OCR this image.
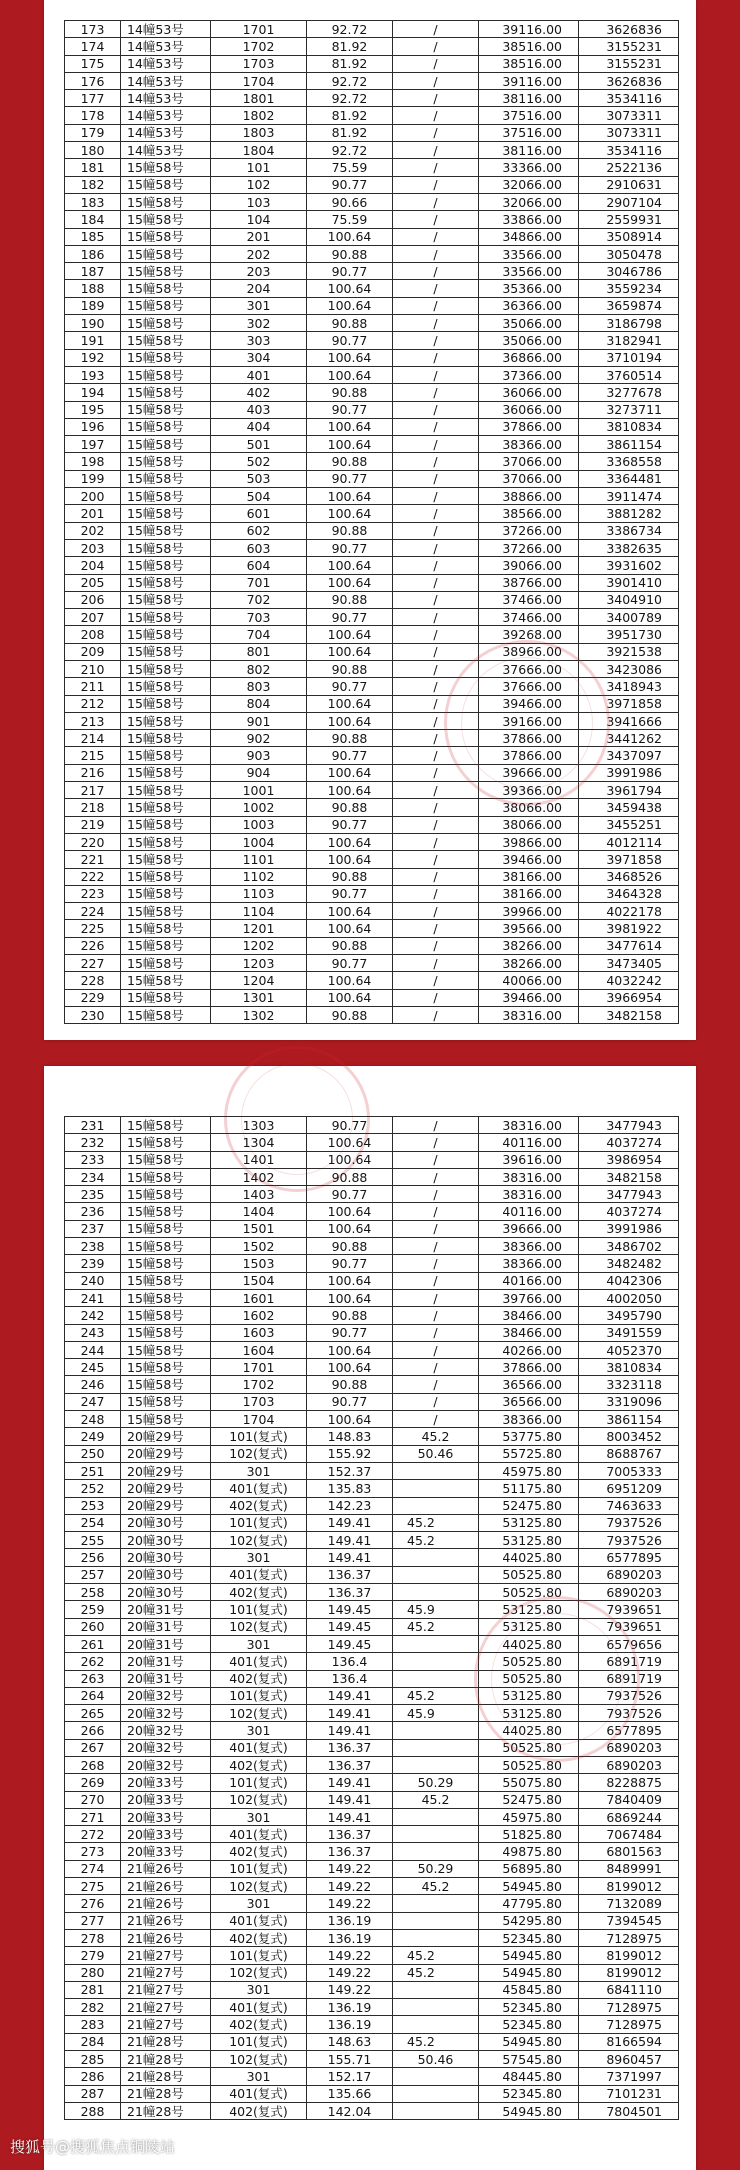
173	14幢53号	1701	92.72	/	39116.00	3626836
174	14幢53号	1702	81.92	/	38516.00	3155231
175	14幢53号	1703	81.92	/	38516.00	3155231
176	14幢53号	1704	92.72	/	39116.00	3626836
177	14幢53号	1801	92.72	/	38116.00	3534116
178	14幢53号	1802	81.92	/	37516.00	3073311
179	14幢53号	1803	81.92	/	37516.00	3073311
180	14幢53号	1804	92.72	/	38116.00	3534116
181	15幢58号	101	75.59	/	33366.00	2522136
182	15幢58号	102	90.77	/	32066.00	2910631
183	15幢58号	103	90.66	/	32066.00	2907104
184	15幢58号	104	75.59	/	33866.00	2559931
185	15幢58号	201	100.64	/	34866.00	3508914
186	15幢58号	202	90.88	/	33566.00	3050478
187	15幢58号	203	90.77	/	33566.00	3046786
188	15幢58号	204	100.64	/	35366.00	3559234
189	15幢58号	301	100.64	/	36366.00	3659874
190	15幢58号	302	90.88	/	35066.00	3186798
191	15幢58号	303	90.77	/	35066.00	3182941
192	15幢58号	304	100.64	/	36866.00	3710194
193	15幢58号	401	100.64	/	37366.00	3760514
194	15幢58号	402	90.88	/	36066.00	3277678
195	15幢58号	403	90.77	/	36066.00	3273711
196	15幢58号	404	100.64	/	37866.00	3810834
197	15幢58号	501	100.64	/	38366.00	3861154
198	15幢58号	502	90.88	/	37066.00	3368558
199	15幢58号	503	90.77	/	37066.00	3364481
200	15幢58号	504	100.64	/	38866.00	3911474
201	15幢58号	601	100.64	/	38566.00	3881282
202	15幢58号	602	90.88	/	37266.00	3386734
203	15幢58号	603	90.77	/	37266.00	3382635
204	15幢58号	604	100.64	/	39066.00	3931602
205	15幢58号	701	100.64	/	38766.00	3901410
206	15幢58号	702	90.88	/	37466.00	3404910
207	15幢58号	703	90.77	/	37466.00	3400789
208	15幢58号	704	100.64	/	39268.00	3951730
209	15幢58号	801	100.64	/	38966.00	3921538
210	15幢58号	802	90.88	/	37666.00	3423086
211	15幢58号	803	90.77	/	37666.00	3418943
212	15幢58号	804	100.64	/	39466.00	3971858
213	15幢58号	901	100.64	/	39166.00	3941666
214	15幢58号	902	90.88	/	37866.00	3441262
215	15幢58号	903	90.77	/	37866.00	3437097
216	15幢58号	904	100.64	/	39666.00	3991986
217	15幢58号	1001	100.64	/	39366.00	3961794
218	15幢58号	1002	90.88	/	38066.00	3459438
219	15幢58号	1003	90.77	/	38066.00	3455251
220	15幢58号	1004	100.64	/	39866.00	4012114
221	15幢58号	1101	100.64	/	39466.00	3971858
222	15幢58号	1102	90.88	/	38166.00	3468526
223	15幢58号	1103	90.77	/	38166.00	3464328
224	15幢58号	1104	100.64	/	39966.00	4022178
225	15幢58号	1201	100.64	/	39566.00	3981922
226	15幢58号	1202	90.88	/	38266.00	3477614
227	15幢58号	1203	90.77	/	38266.00	3473405
228	15幢58号	1204	100.64	/	40066.00	4032242
229	15幢58号	1301	100.64	/	39466.00	3966954
230	15幢58号	1302	90.88	/	38316.00	3482158
231	15幢58号	1303	90.77	/	38316.00	3477943
232	15幢58号	1304	100.64	/	40116.00	4037274
233	15幢58号	1401	100.64	/	39616.00	3986954
234	15幢58号	1402	90.88	/	38316.00	3482158
235	15幢58号	1403	90.77	/	38316.00	3477943
236	15幢58号	1404	100.64	/	40116.00	4037274
237	15幢58号	1501	100.64	/	39666.00	3991986
238	15幢58号	1502	90.88	/	38366.00	3486702
239	15幢58号	1503	90.77	/	38366.00	3482482
240	15幢58号	1504	100.64	/	40166.00	4042306
241	15幢58号	1601	100.64	/	39766.00	4002050
242	15幢58号	1602	90.88	/	38466.00	3495790
243	15幢58号	1603	90.77	/	38466.00	3491559
244	15幢58号	1604	100.64	/	40266.00	4052370
245	15幢58号	1701	100.64	/	37866.00	3810834
246	15幢58号	1702	90.88	/	36566.00	3323118
247	15幢58号	1703	90.77	/	36566.00	3319096
248	15幢58号	1704	100.64	/	38366.00	3861154
249	20幢29号	101(复式)	148.83	45.2	53775.80	8003452
250	20幢29号	102(复式)	155.92	50.46	55725.80	8688767
251	20幢29号	301	152.37		45975.80	7005333
252	20幢29号	401(复式)	135.83		51175.80	6951209
253	20幢29号	402(复式)	142.23		52475.80	7463633
254	20幢30号	101(复式)	149.41	45.2	53125.80	7937526
255	20幢30号	102(复式)	149.41	45.2	53125.80	7937526
256	20幢30号	301	149.41		44025.80	6577895
257	20幢30号	401(复式)	136.37		50525.80	6890203
258	20幢30号	402(复式)	136.37		50525.80	6890203
259	20幢31号	101(复式)	149.45	45.9	53125.80	7939651
260	20幢31号	102(复式)	149.45	45.2	53125.80	7939651
261	20幢31号	301	149.45		44025.80	6579656
262	20幢31号	401(复式)	136.4		50525.80	6891719
263	20幢31号	402(复式)	136.4		50525.80	6891719
264	20幢32号	101(复式)	149.41	45.2	53125.80	7937526
265	20幢32号	102(复式)	149.41	45.9	53125.80	7937526
266	20幢32号	301	149.41		44025.80	6577895
267	20幢32号	401(复式)	136.37		50525.80	6890203
268	20幢32号	402(复式)	136.37		50525.80	6890203
269	20幢33号	101(复式)	149.41	50.29	55075.80	8228875
270	20幢33号	102(复式)	149.41	45.2	52475.80	7840409
271	20幢33号	301	149.41		45975.80	6869244
272	20幢33号	401(复式)	136.37		51825.80	7067484
273	20幢33号	402(复式)	136.37		49875.80	6801563
274	21幢26号	101(复式)	149.22	50.29	56895.80	8489991
275	21幢26号	102(复式)	149.22	45.2	54945.80	8199012
276	21幢26号	301	149.22		47795.80	7132089
277	21幢26号	401(复式)	136.19		54295.80	7394545
278	21幢26号	402(复式)	136.19		52345.80	7128975
279	21幢27号	101(复式)	149.22	45.2	54945.80	8199012
280	21幢27号	102(复式)	149.22	45.2	54945.80	8199012
281	21幢27号	301	149.22		45845.80	6841110
282	21幢27号	401(复式)	136.19		52345.80	7128975
283	21幢27号	402(复式)	136.19		52345.80	7128975
284	21幢28号	101(复式)	148.63	45.2	54945.80	8166594
285	21幢28号	102(复式)	155.71	50.46	57545.80	8960457
286	21幢28号	301	152.17		48445.80	7371997
287	21幢28号	401(复式)	135.66		52345.80	7101231
288	21幢28号	402(复式)	142.04		54945.80	7804501
搜狐号@搜狐焦点铜陵站
